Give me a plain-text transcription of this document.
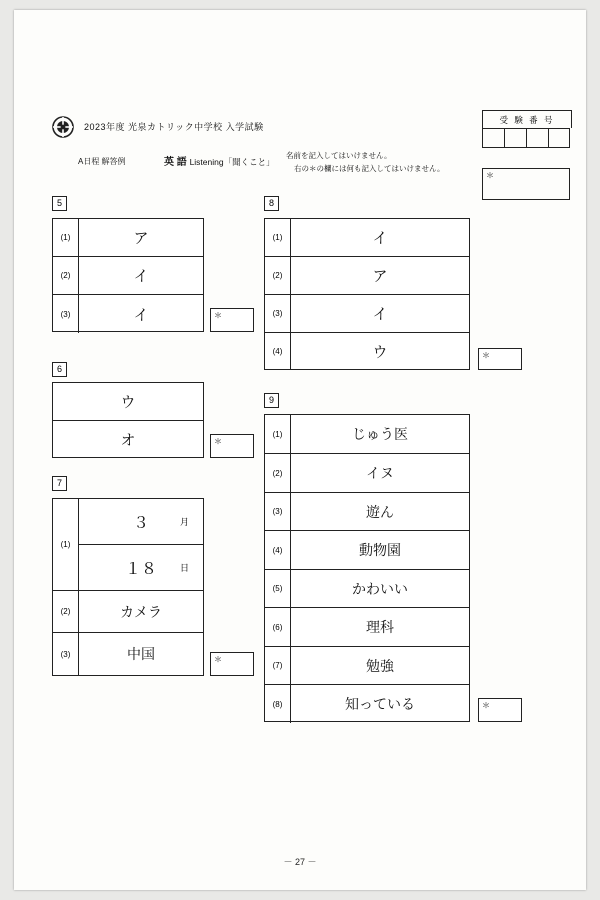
2023年度 光泉カトリック中学校 入学試験
A日程 解答例	英 語 Listening「聞くこと」
名前を記入してはいけません。
右の＊の欄には何も記入してはいけません。
受 験 番 号
＊
5
(1)	ア
(2)	イ
(3)	イ	＊
6
ウ
オ	＊
7
(1)
３	月
１８	日
(2)	カメラ
(3)	中国	＊
8
(1)	イ
(2)	ア
(3)	イ
(4)	ウ	＊
9
(1)	じゅう医
(2)	イヌ
(3)	遊ん
(4)	動物園
(5)	かわいい
(6)	理科
(7)	勉強
(8)	知っている	＊
－ 27 －
